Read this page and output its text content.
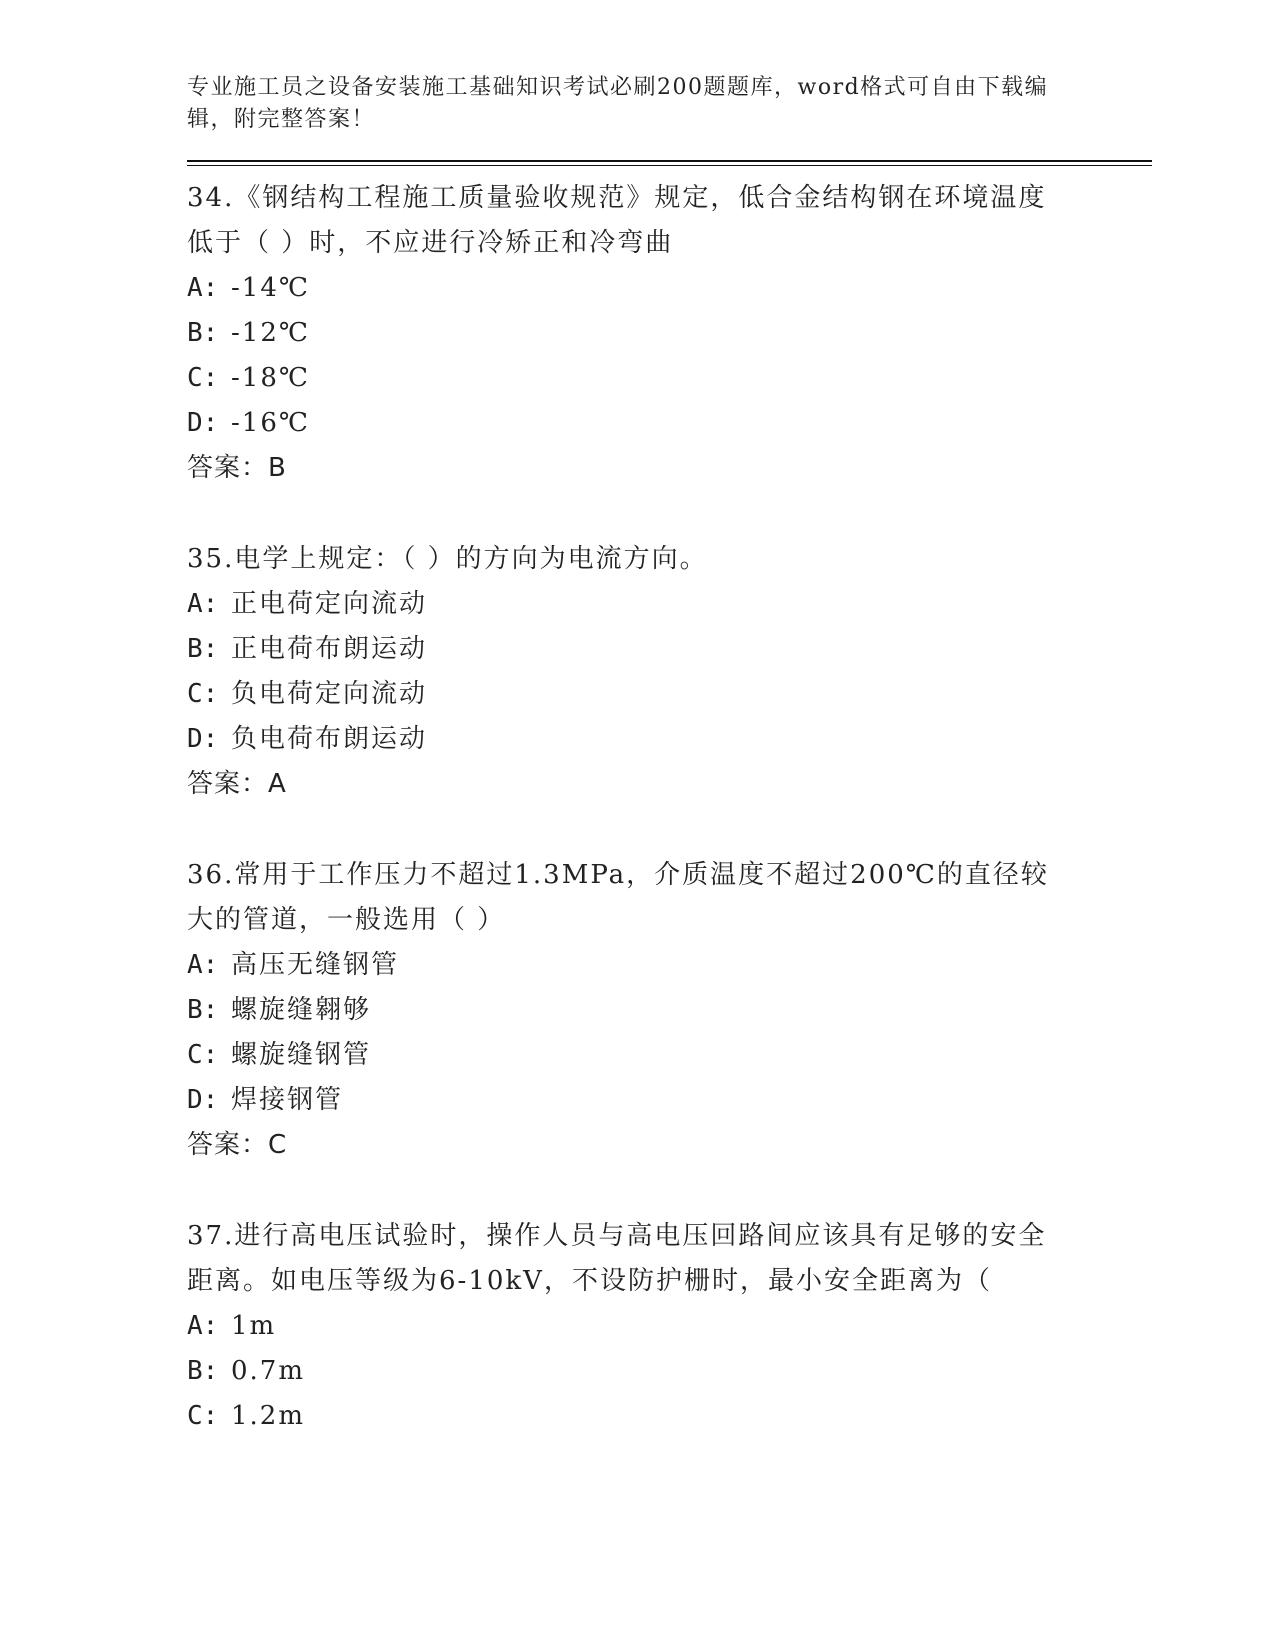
专业施工员之设备安装施工基础知识考试必刷200题题库，word格式可自由下载编辑，附完整答案！
34.《钢结构工程施工质量验收规范》规定，低合金结构钢在环境温度低于（ ）时，不应进行冷矫正和冷弯曲
A: -14℃
B: -12℃
C: -18℃
D: -16℃
答案：B
35.电学上规定：（ ）的方向为电流方向。
A: 正电荷定向流动
B: 正电荷布朗运动
C: 负电荷定向流动
D: 负电荷布朗运动
答案：A
36.常用于工作压力不超过1.3MPa，介质温度不超过200℃的直径较大的管道，一般选用（ ）
A: 高压无缝钢管
B: 螺旋缝翱够
C: 螺旋缝钢管
D: 焊接钢管
答案：C
37.进行高电压试验时，操作人员与高电压回路间应该具有足够的安全距离。如电压等级为6-10kV，不设防护栅时，最小安全距离为（
A: 1m
B: 0.7m
C: 1.2m
